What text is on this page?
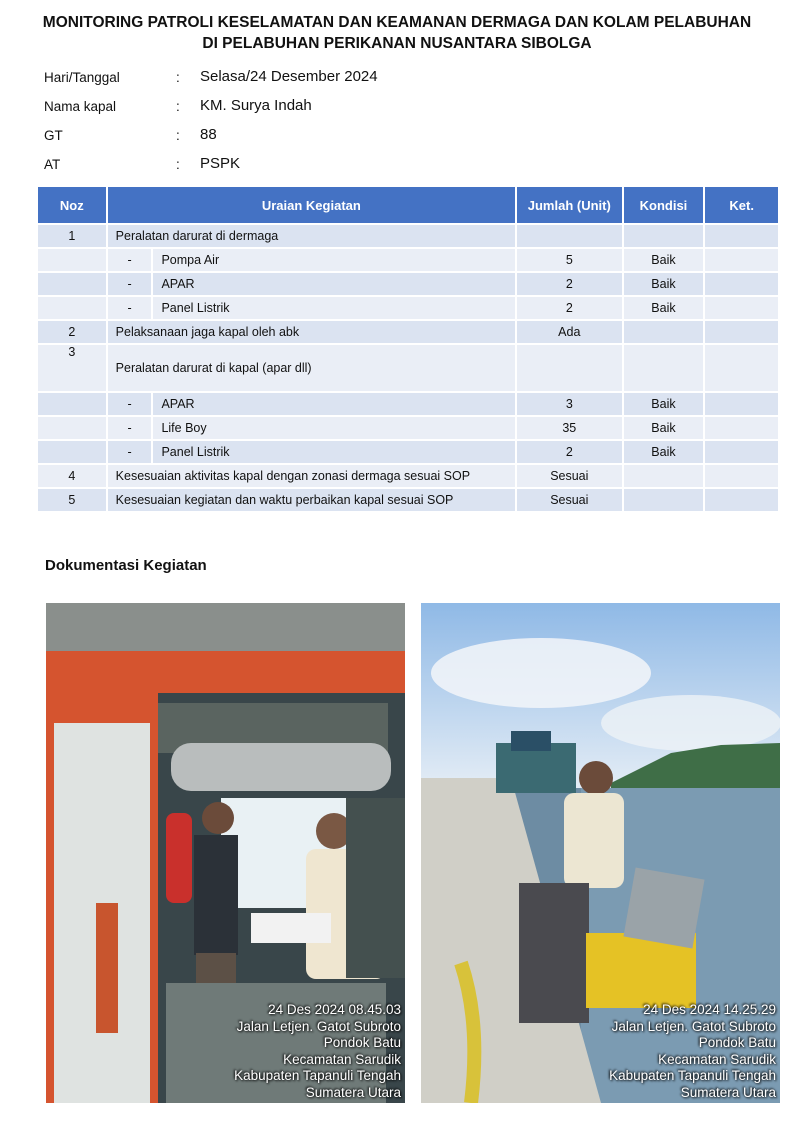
MONITORING PATROLI KESELAMATAN DAN KEAMANAN DERMAGA DAN KOLAM PELABUHAN
DI PELABUHAN PERIKANAN NUSANTARA SIBOLGA
Hari/Tanggal	: Selasa/24 Desember 2024
Nama kapal	: KM. Surya Indah
GT	: 88
AT	: PSPK
Noz	Uraian Kegiatan		Jumlah (Unit)	Kondisi	Ket.
1	Peralatan darurat di dermaga				
	-	Pompa Air	5	Baik	
	-	APAR	2	Baik	
	-	Panel Listrik	2	Baik	
2	Pelaksanaan jaga kapal oleh abk		Ada		
3	Peralatan darurat di kapal (apar dll)				
	-	APAR	3	Baik	
	-	Life Boy	35	Baik	
	-	Panel Listrik	2	Baik	
4	Kesesuaian aktivitas kapal dengan zonasi dermaga sesuai SOP		Sesuai		
5	Kesesuaian kegiatan dan waktu perbaikan kapal sesuai SOP		Sesuai		
Dokumentasi Kegiatan
24 Des 2024 08.45.03
Jalan Letjen. Gatot Subroto
Pondok Batu
Kecamatan Sarudik
Kabupaten Tapanuli Tengah
Sumatera Utara
24 Des 2024 14.25.29
Jalan Letjen. Gatot Subroto
Pondok Batu
Kecamatan Sarudik
Kabupaten Tapanuli Tengah
Sumatera Utara
